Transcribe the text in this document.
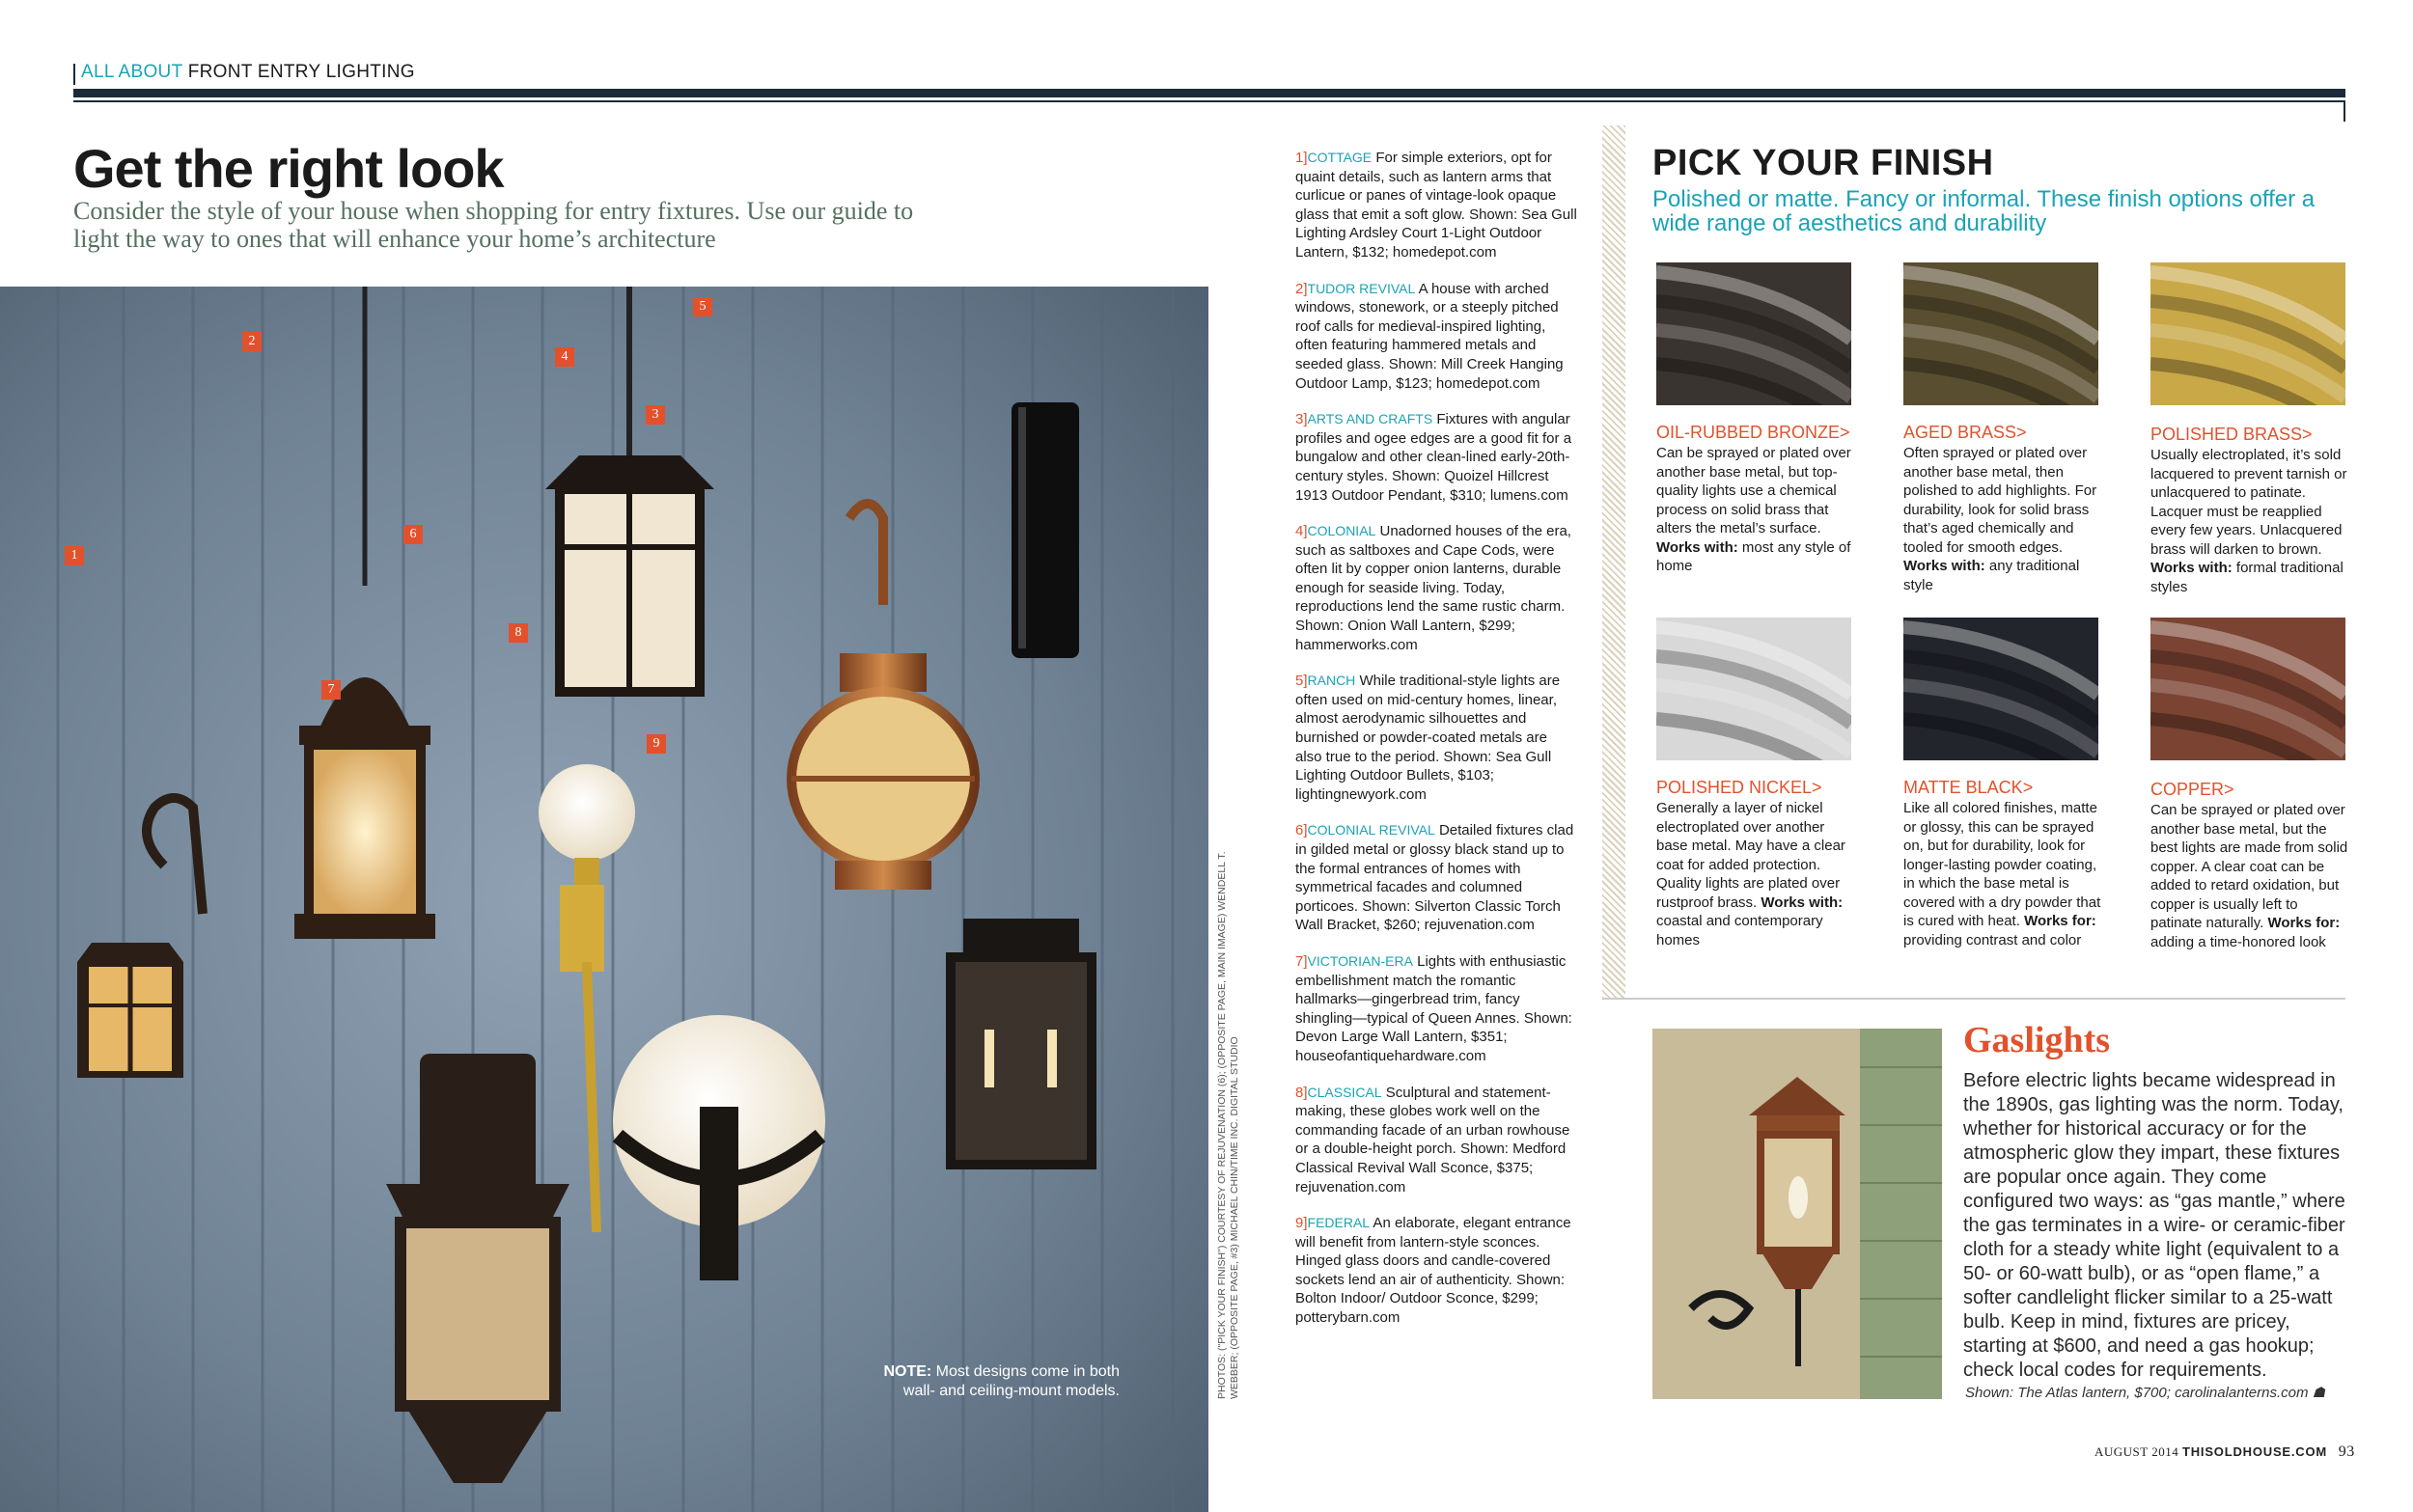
ALL ABOUT FRONT ENTRY LIGHTING
Get the right look
Consider the style of your house when shopping for entry fixtures. Use our guide to light the way to ones that will enhance your home’s architecture
1
2
4
5
6
7
8
9
3
NOTE: Most designs come in both wall- and ceiling-mount models.	PHOTOS: ("PICK YOUR FINISH") COURTESY OF REJUVENATION (6); (OPPOSITE PAGE, MAIN IMAGE) WENDELL T. WEBBER; (OPPOSITE PAGE, #3) MICHAEL CHIN/TIME INC. DIGITAL STUDIO
1]COTTAGE For simple exteriors, opt for quaint details, such as lantern arms that curlicue or panes of vintage-look opaque glass that emit a soft glow. Shown: Sea Gull Lighting Ardsley Court 1-Light Outdoor Lantern, $132; homedepot.com
2]TUDOR REVIVAL A house with arched windows, stonework, or a steeply pitched roof calls for medieval-inspired lighting, often featuring hammered metals and seeded glass. Shown: Mill Creek Hanging Outdoor Lamp, $123; homedepot.com
3]ARTS AND CRAFTS Fixtures with angular profiles and ogee edges are a good fit for a bungalow and other clean-lined early-20th-century styles. Shown: Quoizel Hillcrest 1913 Outdoor Pendant, $310; lumens.com
4]COLONIAL Unadorned houses of the era, such as saltboxes and Cape Cods, were often lit by copper onion lanterns, durable enough for seaside living. Today, reproductions lend the same rustic charm. Shown: Onion Wall Lantern, $299; hammerworks.com
5]RANCH While traditional-style lights are often used on mid-century homes, linear, almost aerodynamic silhouettes and burnished or powder-coated metals are also true to the period. Shown: Sea Gull Lighting Outdoor Bullets, $103; lightingnewyork.com
6]COLONIAL REVIVAL Detailed fixtures clad in gilded metal or glossy black stand up to the formal entrances of homes with symmetrical facades and columned porticoes. Shown: Silverton Classic Torch Wall Bracket, $260; rejuvenation.com
7]VICTORIAN-ERA Lights with enthusiastic embellishment match the romantic hallmarks—gingerbread trim, fancy shingling—typical of Queen Annes. Shown: Devon Large Wall Lantern, $351; houseofantiquehardware.com
8]CLASSICAL Sculptural and statement-making, these globes work well on the commanding facade of an urban rowhouse or a double-height porch. Shown: Medford Classical Revival Wall Sconce, $375; rejuvenation.com
9]FEDERAL An elaborate, elegant entrance will benefit from lantern-style sconces. Hinged glass doors and candle-covered sockets lend an air of authenticity. Shown: Bolton Indoor/ Outdoor Sconce, $299; potterybarn.com
PICK YOUR FINISH
Polished or matte. Fancy or informal. These finish options offer a wide range of aesthetics and durability
OIL-RUBBED BRONZE>
Can be sprayed or plated over another base metal, but top-quality lights use a chemical process on solid brass that alters the metal’s surface. Works with: most any style of home
AGED BRASS>
Often sprayed or plated over another base metal, then polished to add highlights. For durability, look for solid brass that’s aged chemically and tooled for smooth edges. Works with: any traditional style
POLISHED BRASS>
Usually electroplated, it’s sold lacquered to prevent tarnish or unlacquered to patinate. Lacquer must be reapplied every few years. Unlacquered brass will darken to brown. Works with: formal traditional styles
POLISHED NICKEL>
Generally a layer of nickel electroplated over another base metal. May have a clear coat for added protection. Quality lights are plated over rustproof brass. Works with: coastal and contemporary homes
MATTE BLACK>
Like all colored finishes, matte or glossy, this can be sprayed on, but for durability, look for longer-lasting powder coating, in which the base metal is covered with a dry powder that is cured with heat. Works for: providing contrast and color
COPPER>
Can be sprayed or plated over another base metal, but the best lights are made from solid copper. A clear coat can be added to retard oxidation, but copper is usually left to patinate naturally. Works for: adding a time-honored look
Gaslights
Before electric lights became widespread in the 1890s, gas lighting was the norm. Today, whether for historical accuracy or for the atmospheric glow they impart, these fixtures are popular once again. They come configured two ways: as “gas mantle,” where the gas terminates in a wire- or ceramic-fiber cloth for a steady white light (equivalent to a 50- or 60-watt bulb), or as “open flame,” a softer candlelight flicker similar to a 25-watt bulb. Keep in mind, fixtures are pricey, starting at $600, and need a gas hookup; check local codes for requirements.
Shown: The Atlas lantern, $700; carolinalanterns.com ☗
AUGUST 2014 THISOLDHOUSE.COM 93
